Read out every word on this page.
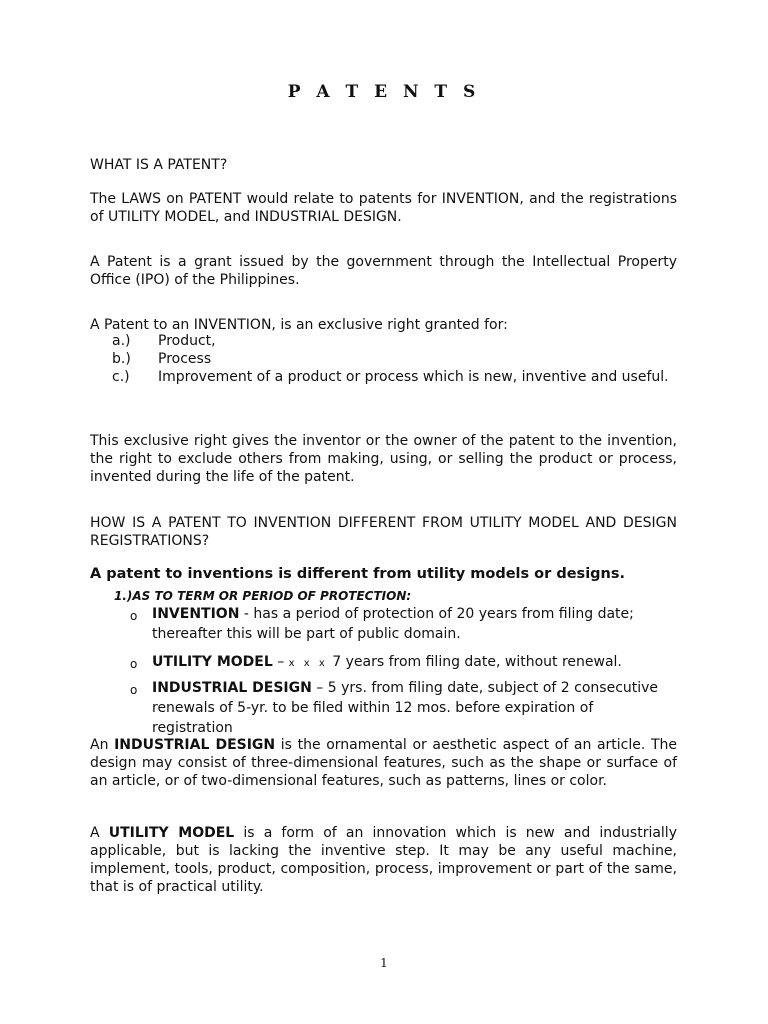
P A T E N T S
WHAT IS A PATENT?
The LAWS on PATENT would relate to patents for INVENTION, and the registrations of UTILITY MODEL, and INDUSTRIAL DESIGN.
A Patent is a grant issued by the government through the Intellectual Property Office (IPO) of the Philippines.
A Patent to an INVENTION, is an exclusive right granted for:
a.)	Product,
b.)	Process
c.)	Improvement of a product or process which is new, inventive and useful.
This exclusive right gives the inventor or the owner of the patent to the invention, the right to exclude others from making, using, or selling the product or process, invented during the life of the patent.
HOW IS A PATENT TO INVENTION DIFFERENT FROM UTILITY MODEL AND DESIGN REGISTRATIONS?
A patent to inventions is different from utility models or designs.
1.)AS TO TERM OR PERIOD OF PROTECTION:
o	INVENTION - has a period of protection of 20 years from filing date; thereafter this will be part of public domain.
o	UTILITY MODEL – x x x 7 years from filing date, without renewal.
o	INDUSTRIAL DESIGN – 5 yrs. from filing date, subject of 2 consecutive renewals of 5-yr. to be filed within 12 mos. before expiration of registration
An INDUSTRIAL DESIGN is the ornamental or aesthetic aspect of an article. The design may consist of three-dimensional features, such as the shape or surface of an article, or of two-dimensional features, such as patterns, lines or color.
A UTILITY MODEL is a form of an innovation which is new and industrially applicable, but is lacking the inventive step. It may be any useful machine, implement, tools, product, composition, process, improvement or part of the same, that is of practical utility.
1
